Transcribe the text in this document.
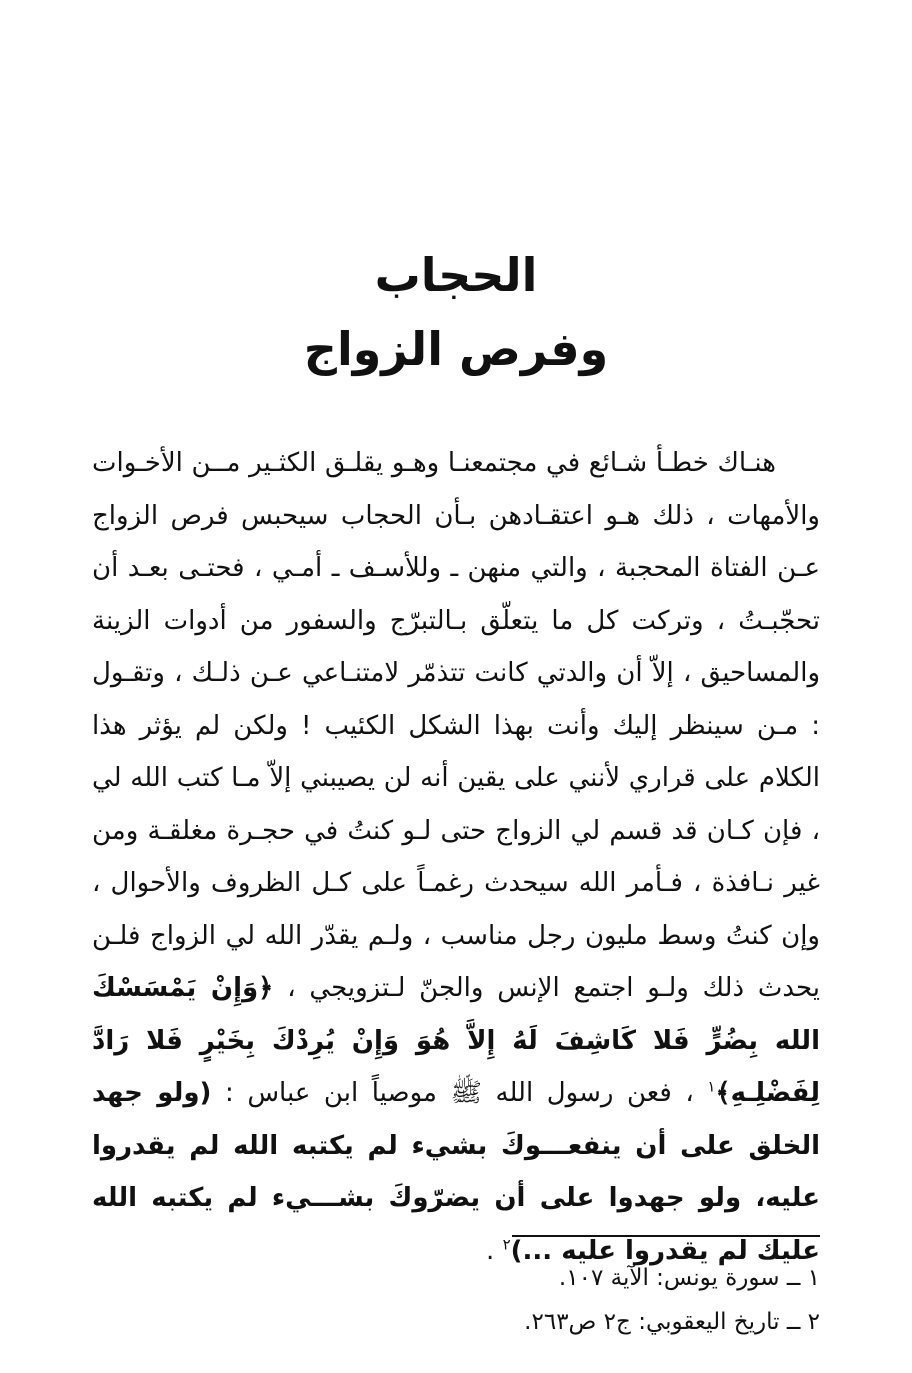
الحجاب
وفرص الزواج
هنـاك خطـأ شـائع في مجتمعنـا وهـو يقلـق الكثـير مــن الأخـوات والأمهات ، ذلك هـو اعتقـادهن بـأن الحجاب سيحبس فرص الزواج عـن الفتاة المحجبة ، والتي منهن ـ وللأسـف ـ أمـي ، فحتـى بعـد أن تحجّبـتُ ، وتركت كل ما يتعلّق بـالتبرّج والسفور من أدوات الزينة والمساحيق ، إلاّ أن والدتي كانت تتذمّر لامتنـاعي عـن ذلـك ، وتقـول : مـن سينظر إليك وأنت بهذا الشكل الكئيب ! ولكن لم يؤثر هذا الكلام على قراري لأنني على يقين أنه لن يصيبني إلاّ مـا كتب الله لي ، فإن كـان قد قسم لي الزواج حتى لـو كنتُ في حجـرة مغلقـة ومن غير نـافذة ، فـأمر الله سيحدث رغمـاً على كـل الظروف والأحوال ، وإن كنتُ وسط مليون رجل مناسب ، ولـم يقدّر الله لي الزواج فلـن يحدث ذلك ولـو اجتمع الإنس والجنّ لـتزويجي ، ﴿وَإِنْ يَمْسَسْكَ الله بِضُرٍّ فَلا كَاشِفَ لَهُ إِلاَّ هُوَ وَإِنْ يُرِدْكَ بِخَيْرٍ فَلا رَادَّ لِفَضْلِـهِ﴾$^١$ ، فعن رسول الله ﷺ موصياً ابن عباس : (ولو جهد الخلق على أن ينفعـــوكَ بشيء لم يكتبه الله لم يقدروا عليه، ولو جهدوا على أن يضرّوكَ بشـــيء لم يكتبه الله عليك لم يقدروا عليه ...)$^٢$ .
١ ــ سورة يونس: الآية ١٠٧.
٢ ــ تاريخ اليعقوبي: ج٢ ص٢٦٣.
